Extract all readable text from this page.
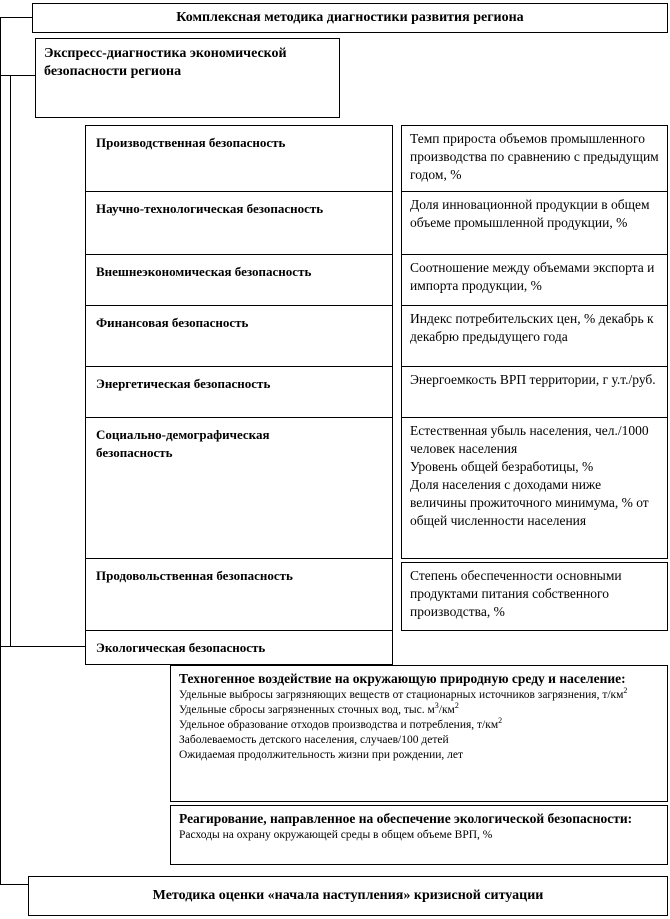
Комплексная методика диагностики развития региона
Экспресс-диагностика экономической безопасности региона
Производственная безопасность
Научно-технологическая безопасность
Внешнеэкономическая безопасность
Финансовая безопасность
Энергетическая безопасность
Социально-демографическая безопасность
Продовольственная безопасность
Экологическая безопасность
Темп прироста объемов промышленного производства по сравнению с предыдущим годом, %
Доля инновационной продукции в общем объеме промышленной продукции, %
Соотношение между объемами экспорта и импорта продукции, %
Индекс потребительских цен, % декабрь к декабрю предыдущего года
Энергоемкость ВРП территории, г у.т./руб.
Естественная убыль населения, чел./1000 человек населения
Уровень общей безработицы, %
Доля населения с доходами ниже величины прожиточного минимума, % от общей численности населения
Степень обеспеченности основными продуктами питания собственного производства, %
Техногенное воздействие на окружающую природную среду и население:
Удельные выбросы загрязняющих веществ от стационарных источников загрязнения, $т/км^2$
Удельные сбросы загрязненных сточных вод, тыс. $м^3/км^2$
Удельное образование отходов производства и потребления, $т/км^2$
Заболеваемость детского населения, случаев/100 детей
Ожидаемая продолжительность жизни при рождении, лет
Реагирование, направленное на обеспечение экологической безопасности:
Расходы на охрану окружающей среды в общем объеме ВРП, %
Методика оценки «начала наступления» кризисной ситуации
